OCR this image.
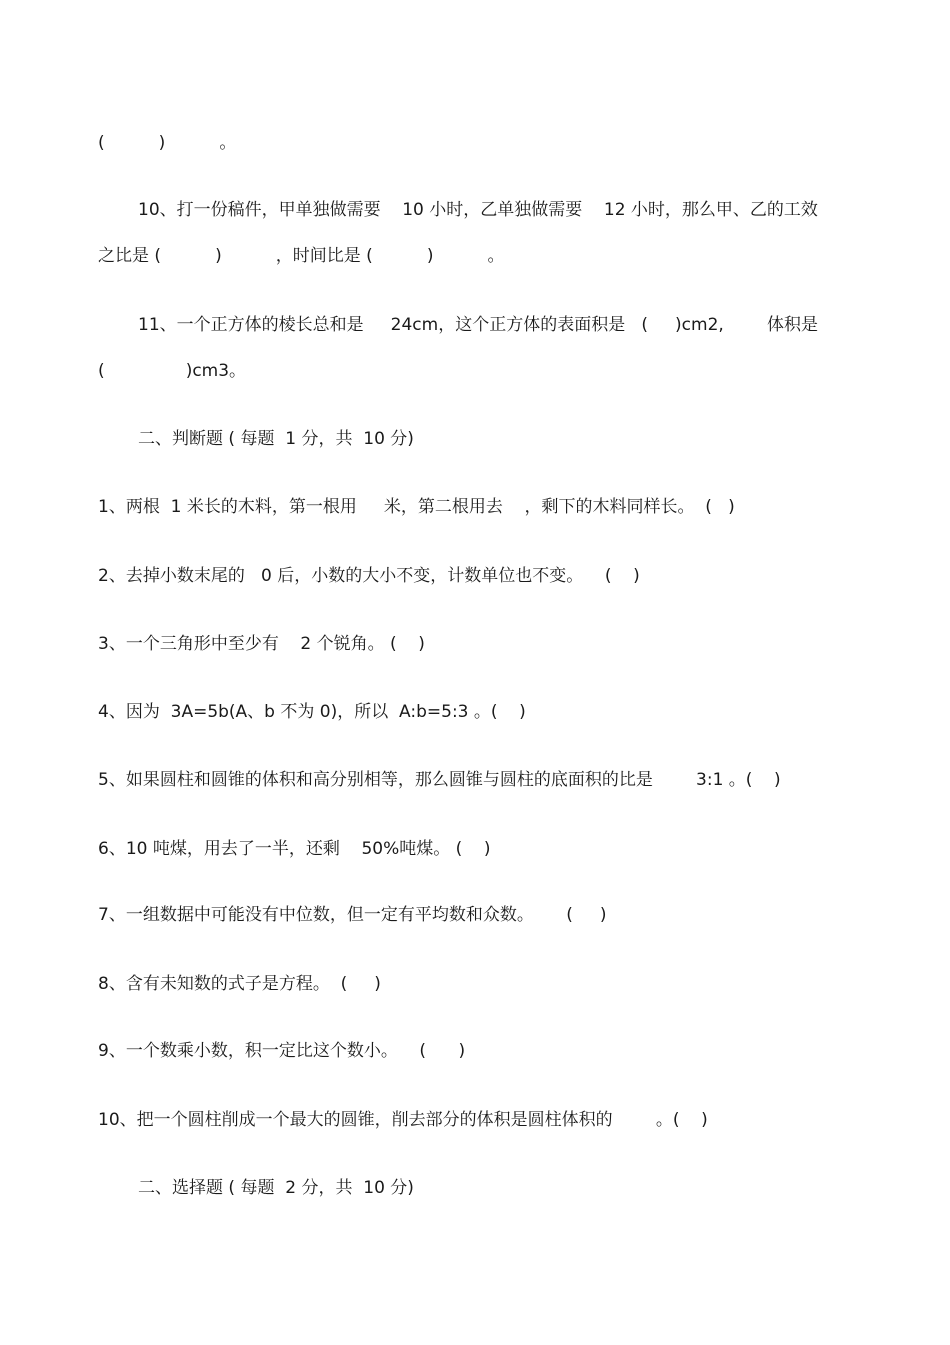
(          )          。
10、打一份稿件，甲单独做需要    10 小时，乙单独做需要    12 小时，那么甲、乙的工效
之比是 (          )          ，时间比是 (          )          。
11、一个正方体的棱长总和是     24cm，这个正方体的表面积是   (     )cm2,        体积是
(               )cm3。
二、判断题 ( 每题  1 分，共  10 分)
1、两根  1 米长的木料，第一根用     米，第二根用去    ，剩下的木料同样长。  (   )
2、去掉小数末尾的   0 后，小数的大小不变，计数单位也不变。    (    )
3、一个三角形中至少有    2 个锐角。 (    )
4、因为  3A=5b(A、b 不为 0)，所以  A:b=5:3 。(    )
5、如果圆柱和圆锥的体积和高分别相等，那么圆锥与圆柱的底面积的比是        3:1 。(    )
6、10 吨煤，用去了一半，还剩    50%吨煤。 (    )
7、一组数据中可能没有中位数，但一定有平均数和众数。      (     )
8、含有未知数的式子是方程。  (     )
9、一个数乘小数，积一定比这个数小。    (      )
10、把一个圆柱削成一个最大的圆锥，削去部分的体积是圆柱体积的        。(    )
二、选择题 ( 每题  2 分，共  10 分)
